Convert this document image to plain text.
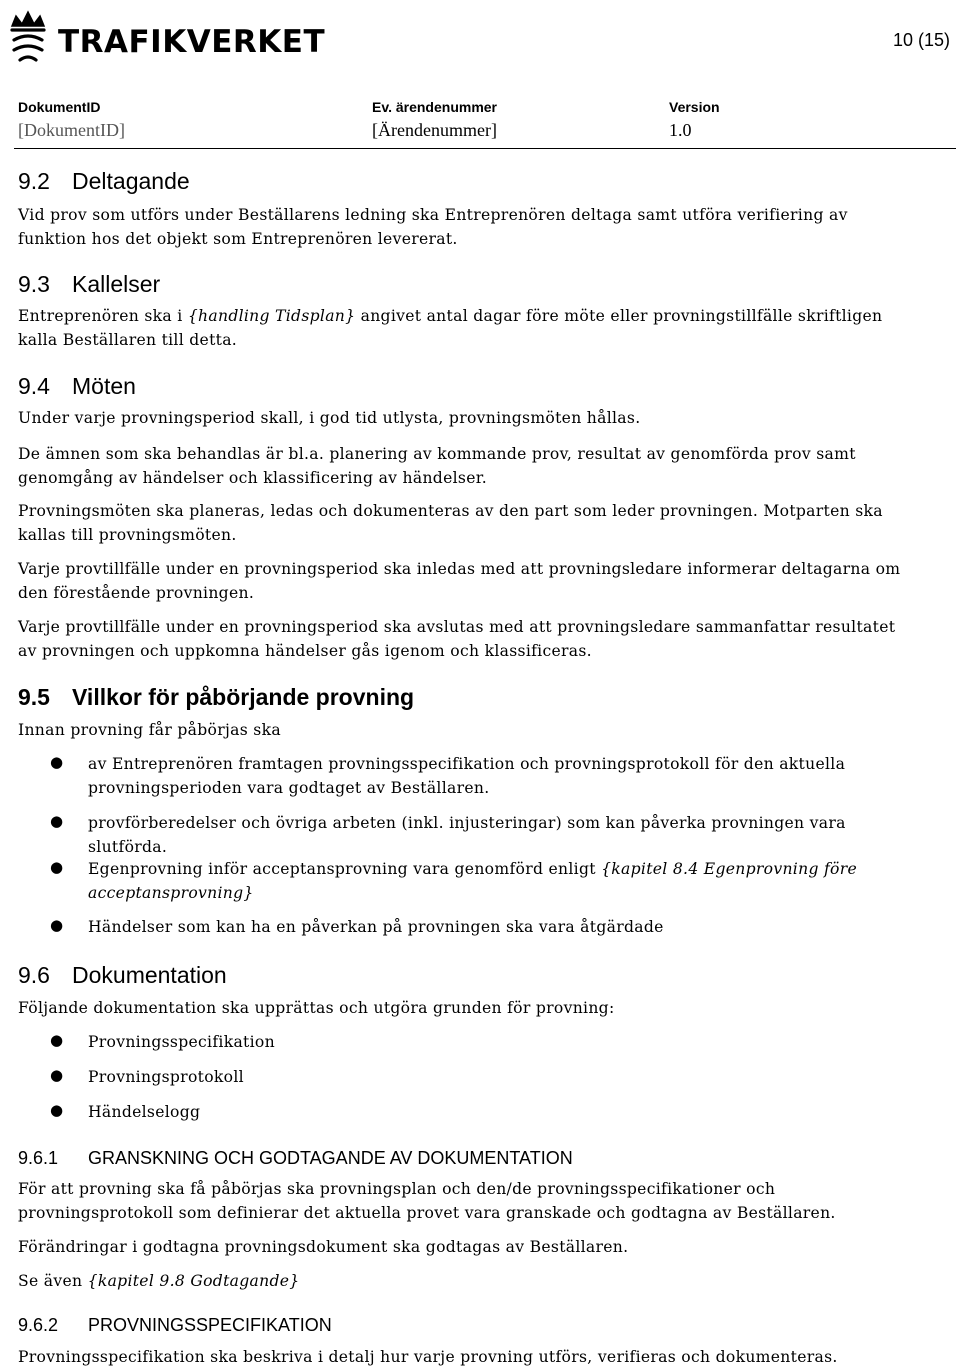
TRAFIKVERKET	10 (15)
DokumentID	Ev. ärendenummer	Version
[DokumentID]	[Ärendenummer]	1.0
9.2 Deltagande
Vid prov som utförs under Beställarens ledning ska Entreprenören deltaga samt utföra verifiering av funktion hos det objekt som Entreprenören levererat.
9.3 Kallelser
Entreprenören ska i {handling Tidsplan} angivet antal dagar före möte eller provningstillfälle skriftligen kalla Beställaren till detta.
9.4 Möten
Under varje provningsperiod skall, i god tid utlysta, provningsmöten hållas.
De ämnen som ska behandlas är bl.a. planering av kommande prov, resultat av genomförda prov samt genomgång av händelser och klassificering av händelser.
Provningsmöten ska planeras, ledas och dokumenteras av den part som leder provningen. Motparten ska kallas till provningsmöten.
Varje provtillfälle under en provningsperiod ska inledas med att provningsledare informerar deltagarna om den förestående provningen.
Varje provtillfälle under en provningsperiod ska avslutas med att provningsledare sammanfattar resultatet av provningen och uppkomna händelser gås igenom och klassificeras.
9.5 Villkor för påbörjande provning
Innan provning får påbörjas ska
● av Entreprenören framtagen provningsspecifikation och provningsprotokoll för den aktuella provningsperioden vara godtaget av Beställaren.
● provförberedelser och övriga arbeten (inkl. injusteringar) som kan påverka provningen vara slutförda.
● Egenprovning inför acceptansprovning vara genomförd enligt {kapitel 8.4 Egenprovning före acceptansprovning}
● Händelser som kan ha en påverkan på provningen ska vara åtgärdade
9.6 Dokumentation
Följande dokumentation ska upprättas och utgöra grunden för provning:
● Provningsspecifikation
● Provningsprotokoll
● Händelselogg
9.6.1 GRANSKNING OCH GODTAGANDE AV DOKUMENTATION
För att provning ska få påbörjas ska provningsplan och den/de provningsspecifikationer och provningsprotokoll som definierar det aktuella provet vara granskade och godtagna av Beställaren.
Förändringar i godtagna provningsdokument ska godtagas av Beställaren.
Se även {kapitel 9.8 Godtagande}
9.6.2 PROVNINGSSPECIFIKATION
Provningsspecifikation ska beskriva i detalj hur varje provning utförs, verifieras och dokumenteras.
